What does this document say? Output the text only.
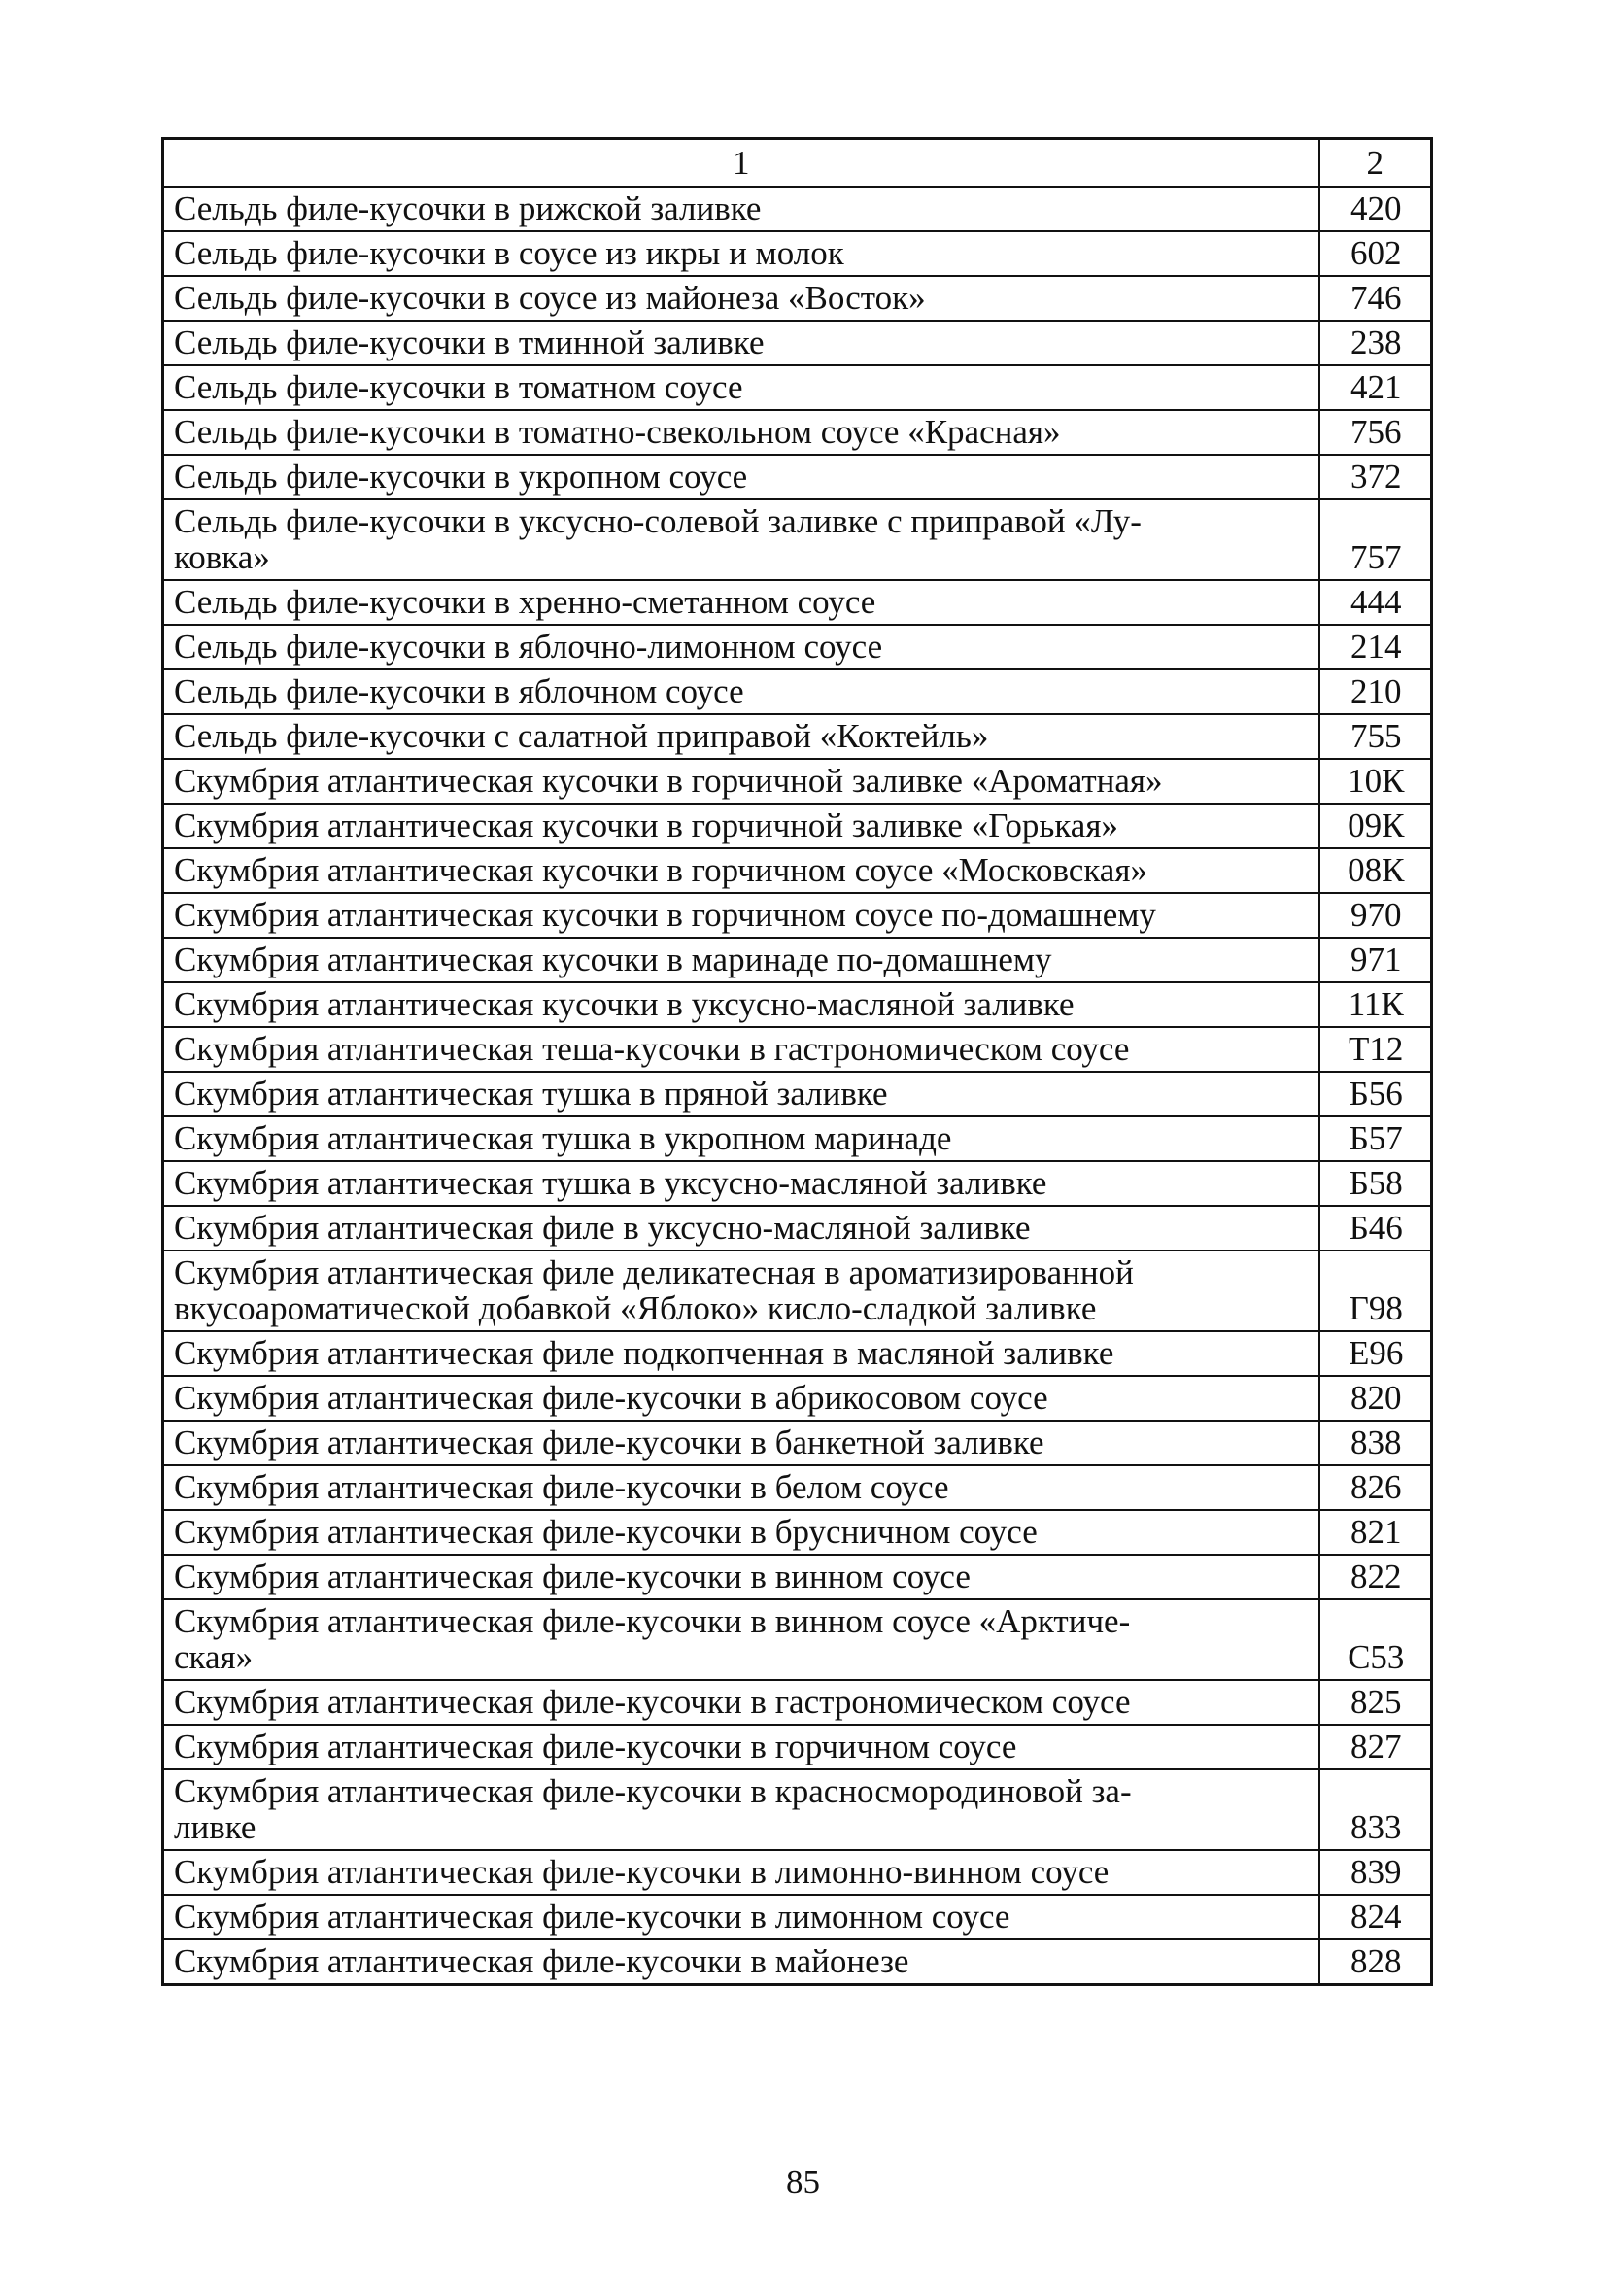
1	2
Сельдь филе-кусочки в рижской заливке	420
Сельдь филе-кусочки в соусе из икры и молок	602
Сельдь филе-кусочки в соусе из майонеза «Восток»	746
Сельдь филе-кусочки в тминной заливке	238
Сельдь филе-кусочки в томатном соусе	421
Сельдь филе-кусочки в томатно-свекольном соусе «Красная»	756
Сельдь филе-кусочки в укропном соусе	372
Сельдь филе-кусочки в уксусно-солевой заливке с приправой «Лу-
ковка»	757
Сельдь филе-кусочки в хренно-сметанном соусе	444
Сельдь филе-кусочки в яблочно-лимонном соусе	214
Сельдь филе-кусочки в яблочном соусе	210
Сельдь филе-кусочки с салатной приправой «Коктейль»	755
Скумбрия атлантическая кусочки в горчичной заливке «Ароматная»	10К
Скумбрия атлантическая кусочки в горчичной заливке «Горькая»	09К
Скумбрия атлантическая кусочки в горчичном соусе «Московская»	08К
Скумбрия атлантическая кусочки в горчичном соусе по-домашнему	970
Скумбрия атлантическая кусочки в маринаде по-домашнему	971
Скумбрия атлантическая кусочки в уксусно-масляной заливке	11К
Скумбрия атлантическая теша-кусочки в гастрономическом соусе	Т12
Скумбрия атлантическая тушка в пряной заливке	Б56
Скумбрия атлантическая тушка в укропном маринаде	Б57
Скумбрия атлантическая тушка в уксусно-масляной заливке	Б58
Скумбрия атлантическая филе в уксусно-масляной заливке	Б46
Скумбрия атлантическая филе деликатесная в ароматизированной
вкусоароматической добавкой «Яблоко» кисло-сладкой заливке	Г98
Скумбрия атлантическая филе подкопченная в масляной заливке	Е96
Скумбрия атлантическая филе-кусочки в абрикосовом соусе	820
Скумбрия атлантическая филе-кусочки в банкетной заливке	838
Скумбрия атлантическая филе-кусочки в белом соусе	826
Скумбрия атлантическая филе-кусочки в брусничном соусе	821
Скумбрия атлантическая филе-кусочки в винном соусе	822
Скумбрия атлантическая филе-кусочки в винном соусе «Арктиче-
ская»	С53
Скумбрия атлантическая филе-кусочки в гастрономическом соусе	825
Скумбрия атлантическая филе-кусочки в горчичном соусе	827
Скумбрия атлантическая филе-кусочки в красносмородиновой за-
ливке	833
Скумбрия атлантическая филе-кусочки в лимонно-винном соусе	839
Скумбрия атлантическая филе-кусочки в лимонном соусе	824
Скумбрия атлантическая филе-кусочки в майонезе	828
85
